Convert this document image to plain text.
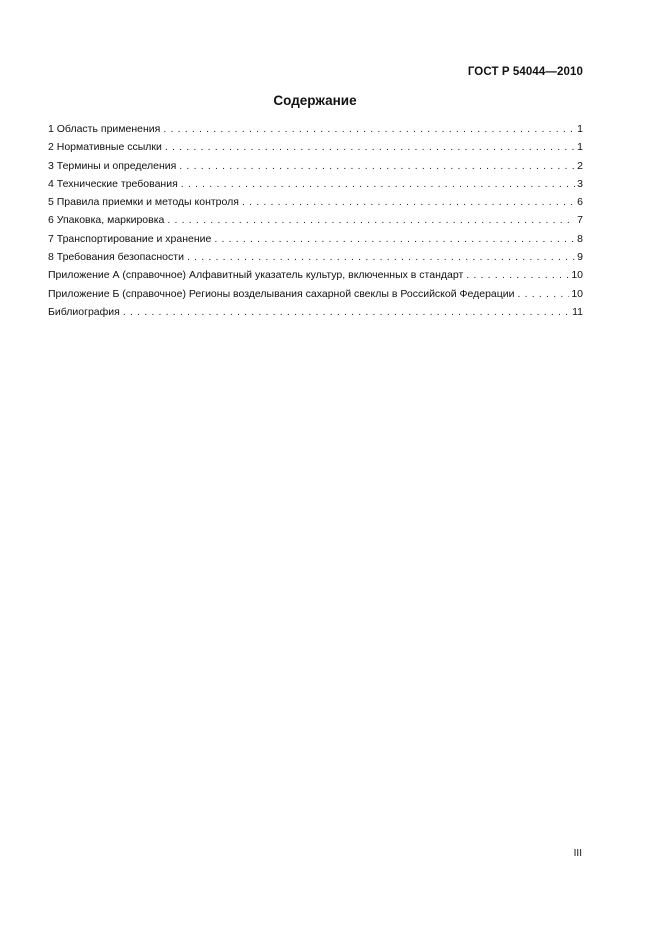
ГОСТ Р 54044—2010
Содержание
1 Область применения . . .	1
2 Нормативные ссылки . . .	1
3 Термины и определения . . .	2
4 Технические требования . . .	3
5 Правила приемки и методы контроля . . .	6
6 Упаковка, маркировка . . .	7
7 Транспортирование и хранение . . .	8
8 Требования безопасности . . .	9
Приложение А (справочное) Алфавитный указатель культур, включенных в стандарт . . .	10
Приложение Б (справочное) Регионы возделывания сахарной свеклы в Российской Федерации . . .	10
Библиография . . .	11
III
